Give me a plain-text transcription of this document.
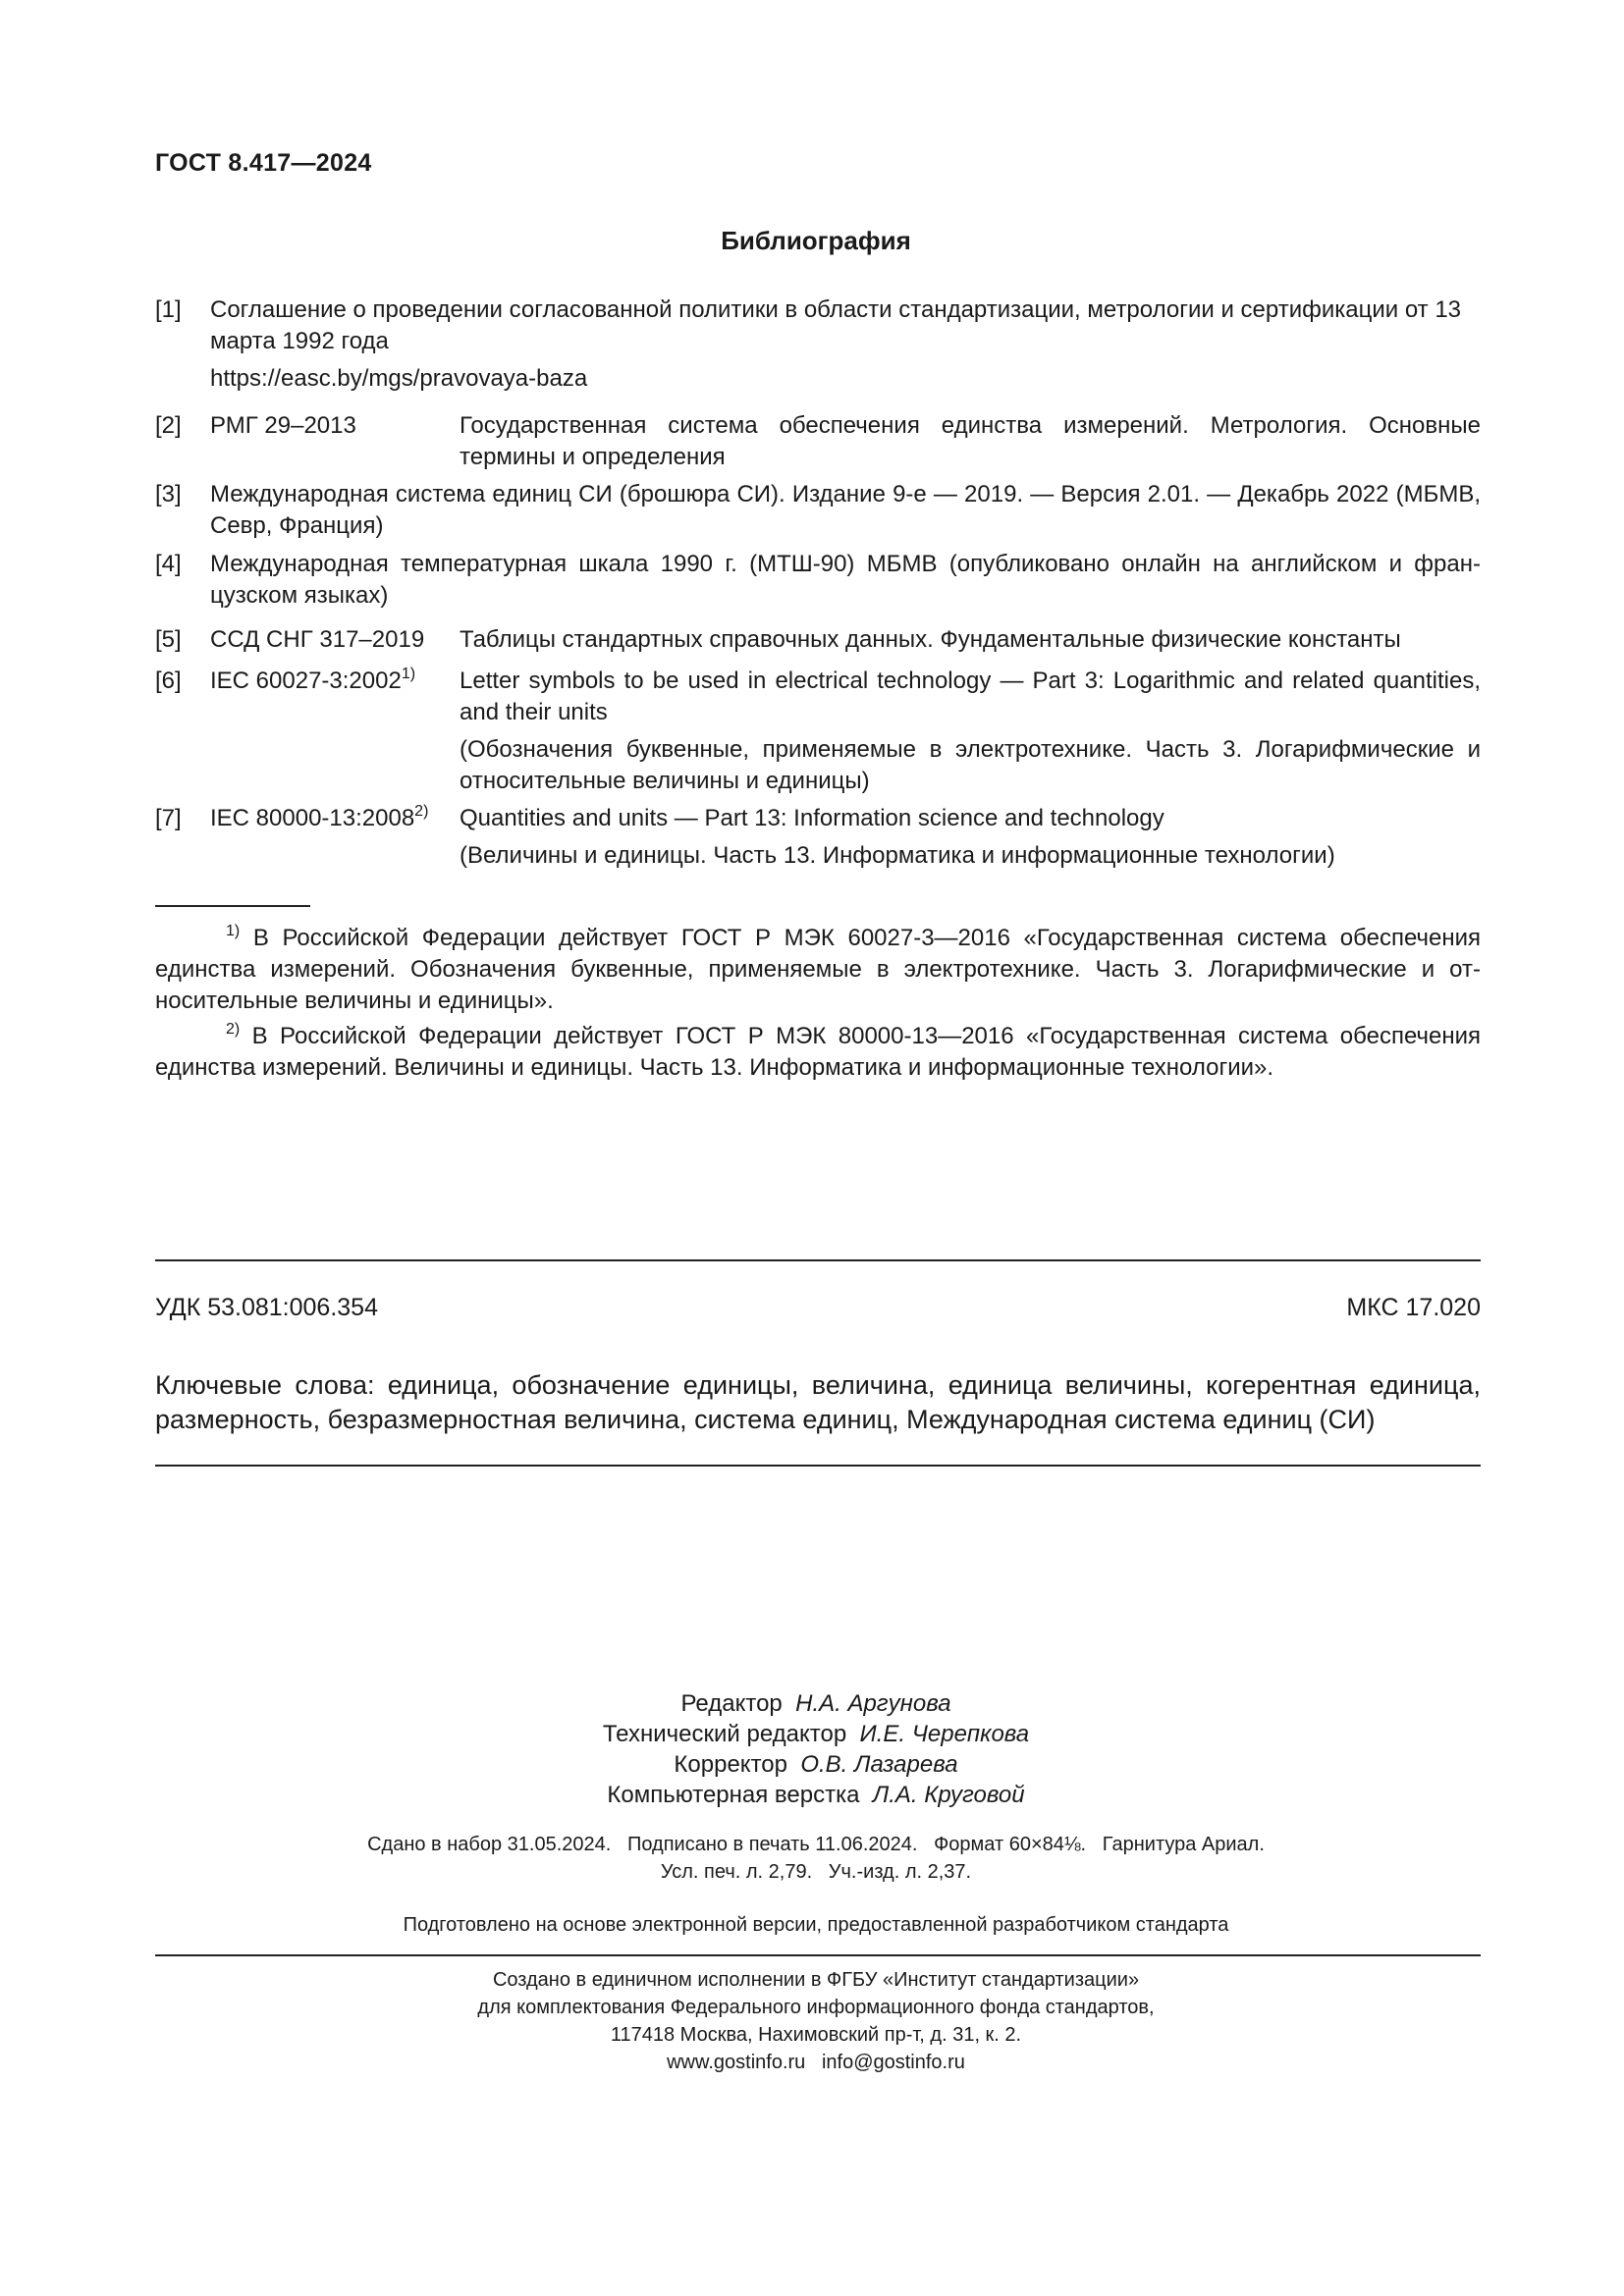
ГОСТ 8.417—2024
Библиография
[1] Соглашение о проведении согласованной политики в области стандартизации, метрологии и сертификации от 13 марта 1992 года

https://easc.by/mgs/pravovaya-baza

[2] РМГ 29–2013	Государственная система обеспечения единства измерений. Метрология. Основные термины и определения

[3] Международная система единиц СИ (брошюра СИ). Издание 9-е — 2019. — Версия 2.01. — Декабрь 2022 (МБМВ, Севр, Франция)

[4] Международная температурная шкала 1990 г. (МТШ-90) МБМВ (опубликовано онлайн на английском и французском языках)

[5] ССД СНГ 317–2019 Таблицы стандартных справочных данных. Фундаментальные физические константы

[6] IEC 60027-3:2002$^{1)}$ Letter symbols to be used in electrical technology — Part 3: Logarithmic and related quantities, and their units

(Обозначения буквенные, применяемые в электротехнике. Часть 3. Логарифмические и относительные величины и единицы)

[7] IEC 80000-13:2008$^{2)}$ Quantities and units — Part 13: Information science and technology

(Величины и единицы. Часть 13. Информатика и информационные технологии)

$^{1)}$ В Российской Федерации действует ГОСТ Р МЭК 60027-3—2016 «Государственная система обеспечения единства измерений. Обозначения буквенные, применяемые в электротехнике. Часть 3. Логарифмические и относительные величины и единицы».
$^{2)}$ В Российской Федерации действует ГОСТ Р МЭК 80000-13—2016 «Государственная система обеспечения единства измерений. Величины и единицы. Часть 13. Информатика и информационные технологии».
УДК 53.081:006.354	МКС 17.020
Ключевые слова: единица, обозначение единицы, величина, единица величины, когерентная единица, размерность, безразмерностная величина, система единиц, Международная система единиц (СИ)
Редактор Н.А. Аргунова
Технический редактор И.Е. Черепкова
Корректор О.В. Лазарева
Компьютерная верстка Л.А. Круговой
Сдано в набор 31.05.2024.   Подписано в печать 11.06.2024.   Формат 60×84⅛.   Гарнитура Ариал.
Усл. печ. л. 2,79.   Уч.-изд. л. 2,37.
Подготовлено на основе электронной версии, предоставленной разработчиком стандарта
Создано в единичном исполнении в ФГБУ «Институт стандартизации»
для комплектования Федерального информационного фонда стандартов,
117418 Москва, Нахимовский пр-т, д. 31, к. 2.
www.gostinfo.ru   info@gostinfo.ru
